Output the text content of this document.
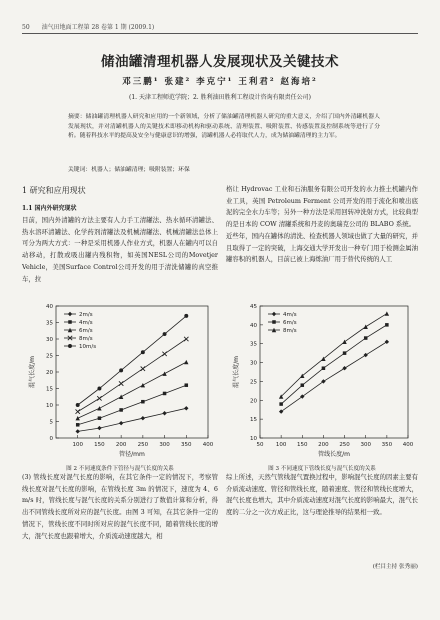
50 油气田地面工程第 28 卷第 1 期 (2009.1)
储油罐清理机器人发展现状及关键技术
邓三鹏¹ 张建² 李克宁¹ 王利君² 赵海培²
(1. 天津工程师范学院；2. 胜利油田胜利工程设计咨询有限责任公司)
摘要：储油罐清理机器人研究和应用的一个新领域，分析了储油罐清理机器人研究的重大意义，介绍了国内外清罐机器人发展现状，并对清罐机器人的关键技术即移动机构和驱动系统、清理装置、吸附装置、传感装置及控制系统等进行了分析。随着科技水平的提高及安全与健康意识的增强，清罐机器人必将取代人力，成为储油罐清理的主力军。
关键词：机器人；储油罐清理；吸附装置；环保
1 研究和应用现状
1.1 国内外研究现状
目前，国内外清罐的方法主要有人力手工清罐法、热水循环清罐法、热水溶环清罐法、化学药剂清罐法及机械清罐法、机械清罐法总体上可分为两大方式：一种是采用机器人作业方式，机器人在罐内可以自动移动，打散或吸出罐内残积物，如英国NESL公司的Movetjer Vehicle，美国Surface Control公司开发的用于清洗储罐的真空推车，拉
格让 Hydrovac 工业和石油服务有限公司开发的水力推土机罐内作业工具，英国 Petroleum Ferment 公司开发的用于流化和喷出底泥的完全水力车等；另外一种方法是采用回转冲洗射方式，比较典型的是日本的 COW 清罐系统和丹麦的奥瑞克公司的 BLABO 系统。
近些年，国内在罐体的清洗、检查机器人领域也做了大量的研究，并且取得了一定的突破，上海交通大学开发出一种专门用于检测金属油罐容积的机器人，目前已被上海炼油厂用于替代传统的人工
0
5
10
15
20
25
30
35
40
100 150 200 250 300 350 400
管径/mm
混气长度/m
2m/s
4m/s
6m/s
8m/s
10m/s
10
15
20
25
30
35
40
45
50 100 150 200 250 300 350 400
管线长度/m
混气长度/m
4m/s
6m/s
8m/s
图 2 不同速度条件下管径与混气长度的关系	图 3 不同速度下管线长度与混气长度的关系
(3) 管线长度对混气长度的影响，在其它条件一定的情况下，考察管线长度对混气长度的影响，在管线长度 3m 的情况下，速度为 4、6 m/s 时，管线长度与混气长度的关系分别进行了数值计算和分析，得出不同管线长度所对应的混气长度。由图 3 可知，在其它条件一定的情况下，管线长度不同时所对应的混气长度不同，随着管线长度的增大，混气长度也跟着增大，介质流动速度越大，相
综上所述，天然气管线混气置换过程中，影响混气长度的因素主要有介质流动速度、管径和管线长度，随着速度、管径和管线长度增大，混气长度也增大，其中介质流动速度对混气长度的影响最大，混气长度的二分之一次方成正比，这与理论推导的结果相一致。
(栏目主持 张秀丽)
